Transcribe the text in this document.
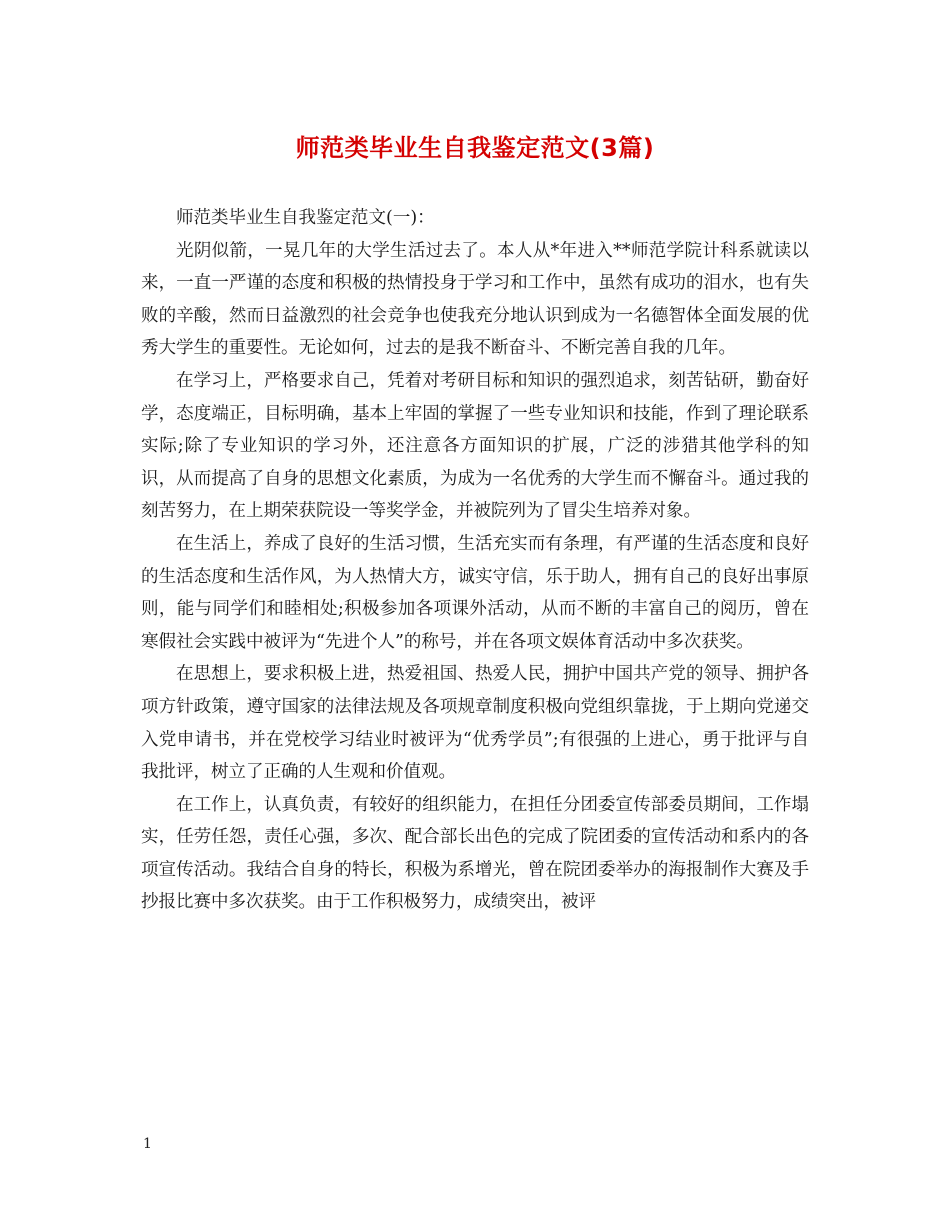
师范类毕业生自我鉴定范文(3篇)

师范类毕业生自我鉴定范文(一)：

光阴似箭，一晃几年的大学生活过去了。本人从*年进入**师范学院计科系就读以来，一直一严谨的态度和积极的热情投身于学习和工作中，虽然有成功的泪水，也有失败的辛酸，然而日益激烈的社会竞争也使我充分地认识到成为一名德智体全面发展的优秀大学生的重要性。无论如何，过去的是我不断奋斗、不断完善自我的几年。

在学习上，严格要求自己，凭着对考研目标和知识的强烈追求，刻苦钻研，勤奋好学，态度端正，目标明确，基本上牢固的掌握了一些专业知识和技能，作到了理论联系实际;除了专业知识的学习外，还注意各方面知识的扩展，广泛的涉猎其他学科的知识，从而提高了自身的思想文化素质，为成为一名优秀的大学生而不懈奋斗。通过我的刻苦努力，在上期荣获院设一等奖学金，并被院列为了冒尖生培养对象。

在生活上，养成了良好的生活习惯，生活充实而有条理，有严谨的生活态度和良好的生活态度和生活作风，为人热情大方，诚实守信，乐于助人，拥有自己的良好出事原则，能与同学们和睦相处;积极参加各项课外活动，从而不断的丰富自己的阅历，曾在寒假社会实践中被评为“先进个人”的称号，并在各项文娱体育活动中多次获奖。

在思想上，要求积极上进，热爱祖国、热爱人民，拥护中国共产党的领导、拥护各项方针政策，遵守国家的法律法规及各项规章制度积极向党组织靠拢，于上期向党递交入党申请书，并在党校学习结业时被评为“优秀学员”;有很强的上进心，勇于批评与自我批评，树立了正确的人生观和价值观。

在工作上，认真负责，有较好的组织能力，在担任分团委宣传部委员期间，工作塌实，任劳任怨，责任心强，多次、配合部长出色的完成了院团委的宣传活动和系内的各项宣传活动。我结合自身的特长，积极为系增光，曾在院团委举办的海报制作大赛及手抄报比赛中多次获奖。由于工作积极努力，成绩突出，被评

1
